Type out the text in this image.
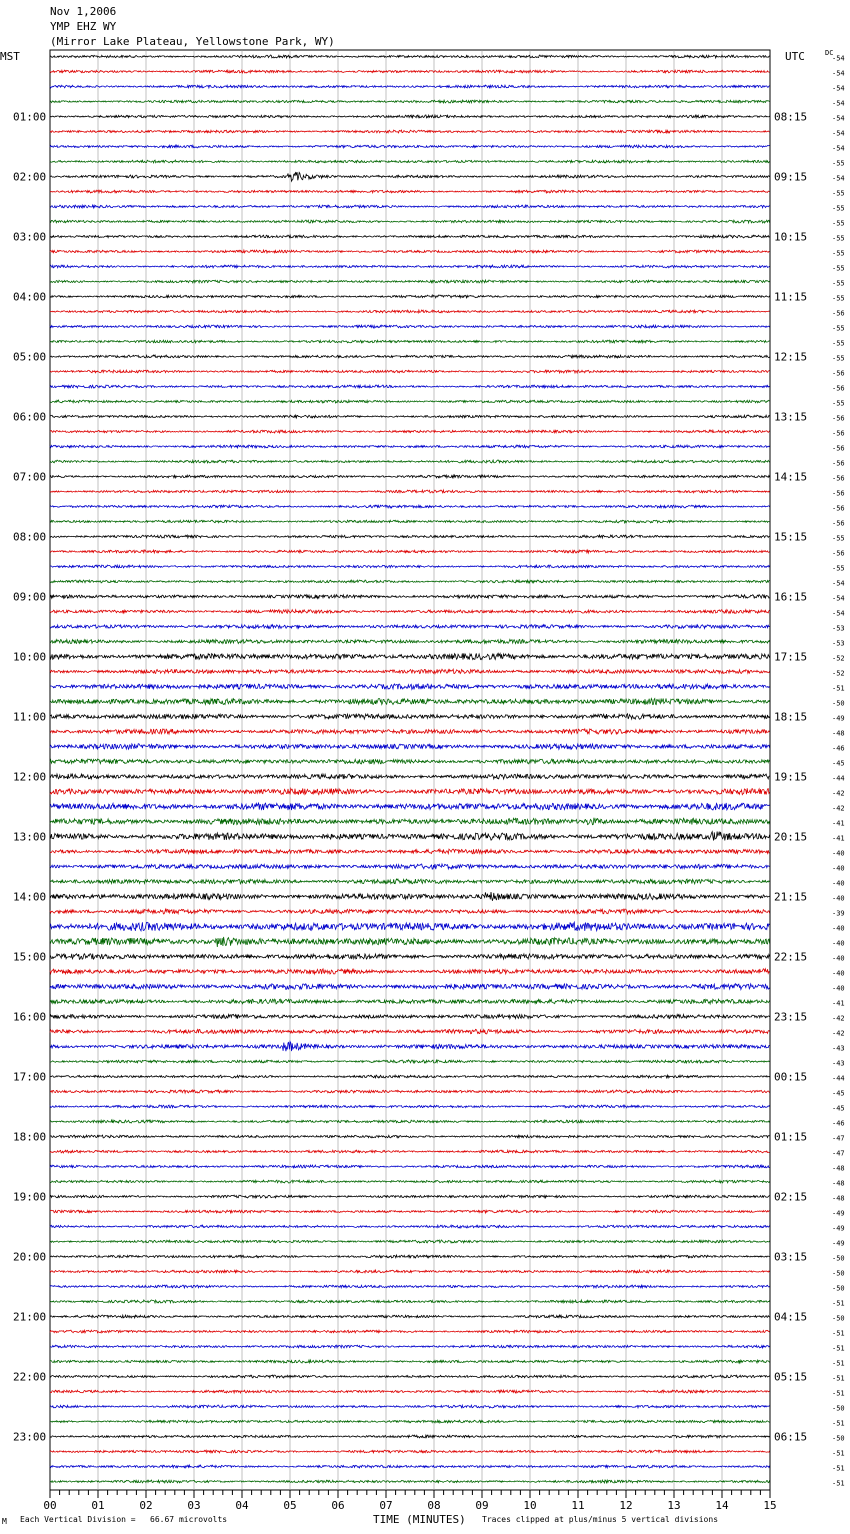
Nov 1,2006
YMP EHZ WY
(Mirror Lake Plateau, Yellowstone Park, WY)
MST	UTC	DC
01:00
02:00
03:00
04:00
05:00
06:00
07:00
08:00
09:00
10:00
11:00
12:00
13:00
14:00
15:00
16:00
17:00
18:00
19:00
20:00
21:00
22:00
23:00
08:15
09:15
10:15
11:15
12:15
13:15
14:15
15:15
16:15
17:15
18:15
19:15
20:15
21:15
22:15
23:15
00:15
01:15
02:15
03:15
04:15
05:15
06:15
-54
-54
-54
-54
-54
-54
-54
-55
-54
-55
-55
-55
-55
-55
-55
-55
-55
-56
-55
-55
-55
-56
-56
-55
-56
-56
-56
-56
-56
-56
-56
-56
-55
-56
-55
-54
-54
-54
-53
-53
-52
-52
-51
-50
-49
-48
-46
-45
-44
-42
-42
-41
-41
-40
-40
-40
-40
-39
-40
-40
-40
-40
-40
-41
-42
-42
-43
-43
-44
-45
-45
-46
-47
-47
-48
-48
-48
-49
-49
-49
-50
-50
-50
-51
-50
-51
-51
-51
-51
-51
-50
-51
-50
-51
-51
-51
00	01	02	03	04	05	06	07	08	09	10	11	12	13	14	15
TIME (MINUTES)
M Each Vertical Division =   66.67 microvolts	Traces clipped at plus/minus 5 vertical divisions
